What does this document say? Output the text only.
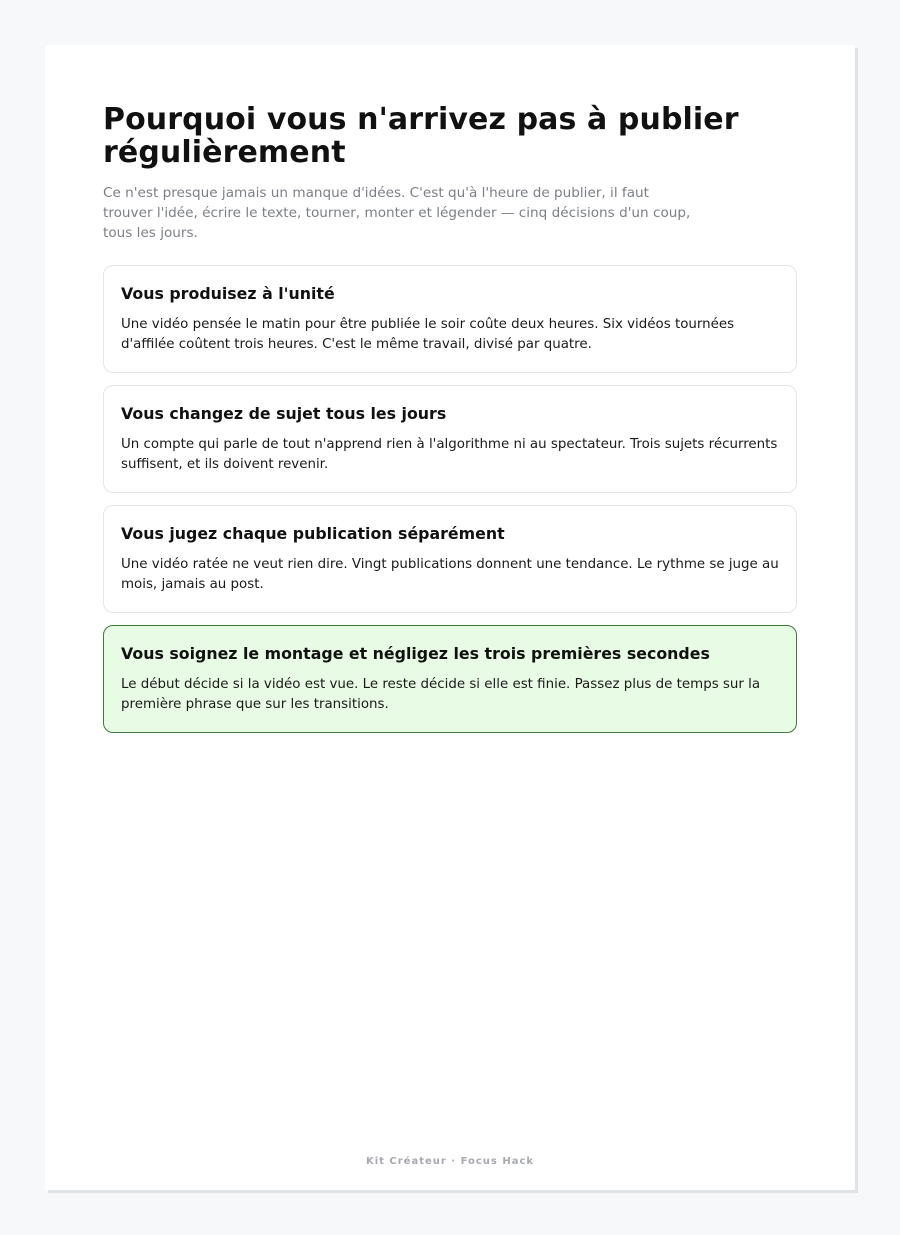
Pourquoi vous n'arrivez pas à publier régulièrement

Ce n'est presque jamais un manque d'idées. C'est qu'à l'heure de publier, il faut trouver l'idée, écrire le texte, tourner, monter et légender — cinq décisions d'un coup, tous les jours.

Vous produisez à l'unité
Une vidéo pensée le matin pour être publiée le soir coûte deux heures. Six vidéos tournées d'affilée coûtent trois heures. C'est le même travail, divisé par quatre.
Vous changez de sujet tous les jours
Un compte qui parle de tout n'apprend rien à l'algorithme ni au spectateur. Trois sujets récurrents suffisent, et ils doivent revenir.
Vous jugez chaque publication séparément
Une vidéo ratée ne veut rien dire. Vingt publications donnent une tendance. Le rythme se juge au mois, jamais au post.
Vous soignez le montage et négligez les trois premières secondes
Le début décide si la vidéo est vue. Le reste décide si elle est finie. Passez plus de temps sur la première phrase que sur les transitions.
Kit Créateur · Focus Hack
